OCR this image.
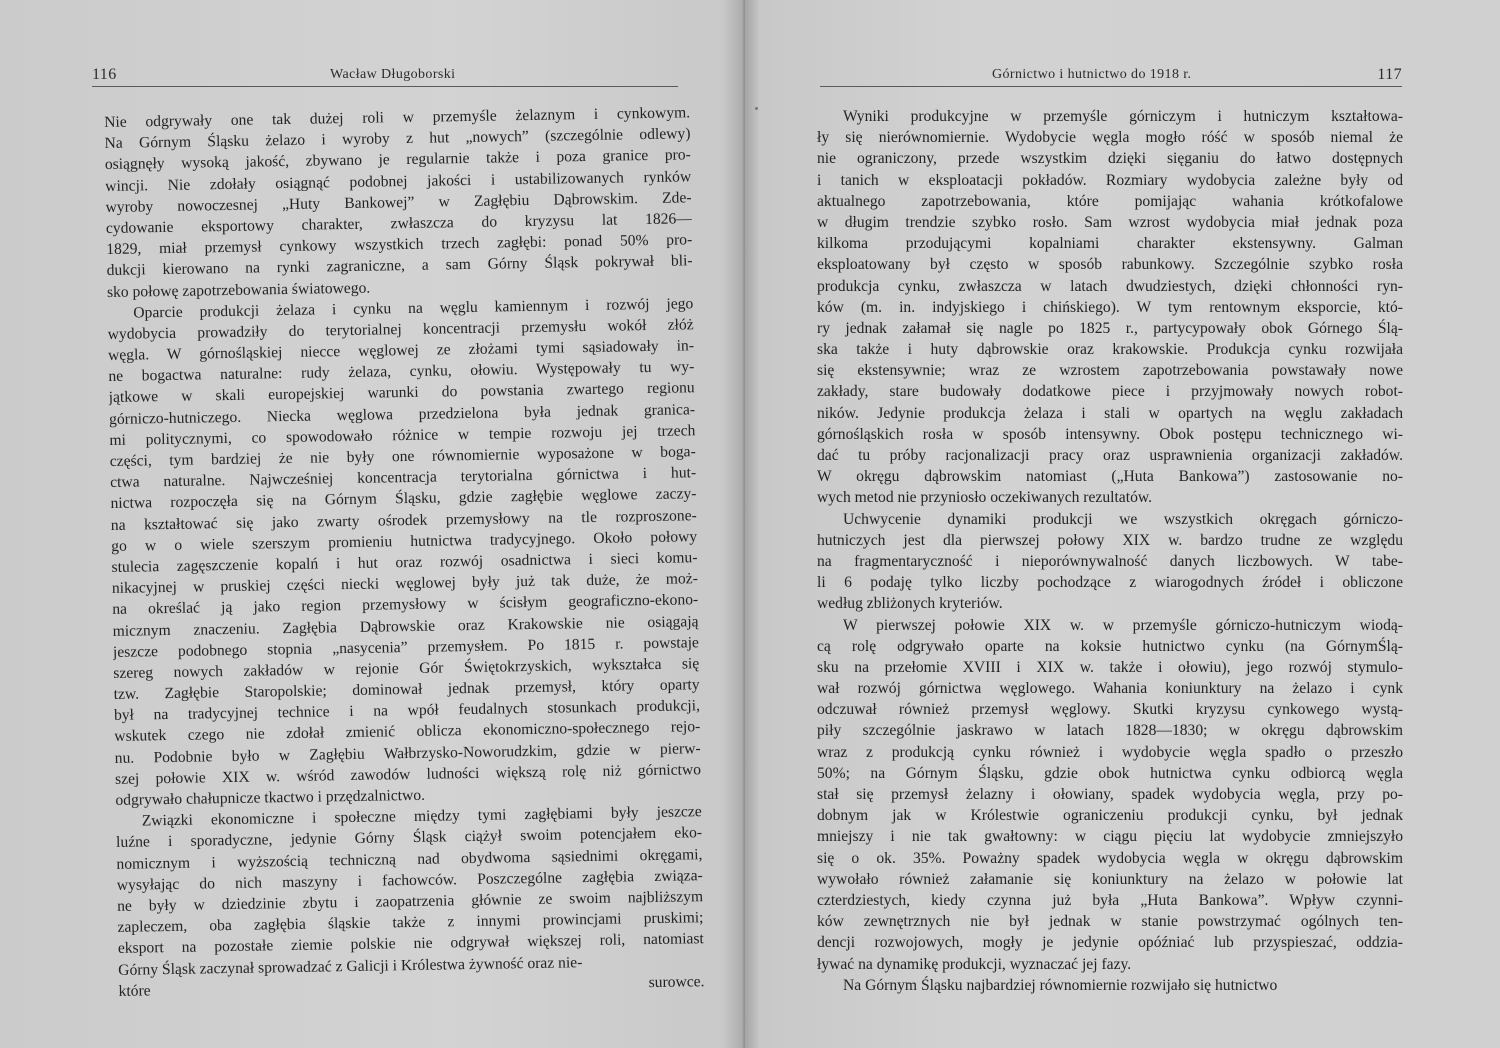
116	Wacław Długoborski
Nie odgrywały one tak dużej roli w przemyśle żelaznym i cynkowym.
Na Górnym Śląsku żelazo i wyroby z hut „nowych” (szczególnie odlewy)
osiągnęły wysoką jakość, zbywano je regularnie także i poza granice pro-
wincji. Nie zdołały osiągnąć podobnej jakości i ustabilizowanych rynków
wyroby nowoczesnej „Huty Bankowej” w Zagłębiu Dąbrowskim. Zde-
cydowanie eksportowy charakter, zwłaszcza do kryzysu lat 1826—
1829, miał przemysł cynkowy wszystkich trzech zagłębi: ponad 50% pro-
dukcji kierowano na rynki zagraniczne, a sam Górny Śląsk pokrywał bli-
sko połowę zapotrzebowania światowego.
Oparcie produkcji żelaza i cynku na węglu kamiennym i rozwój jego
wydobycia prowadziły do terytorialnej koncentracji przemysłu wokół złóż
węgla. W górnośląskiej niecce węglowej ze złożami tymi sąsiadowały in-
ne bogactwa naturalne: rudy żelaza, cynku, ołowiu. Występowały tu wy-
jątkowe w skali europejskiej warunki do powstania zwartego regionu
górniczo-hutniczego. Niecka węglowa przedzielona była jednak granica-
mi politycznymi, co spowodowało różnice w tempie rozwoju jej trzech
części, tym bardziej że nie były one równomiernie wyposażone w boga-
ctwa naturalne. Najwcześniej koncentracja terytorialna górnictwa i hut-
nictwa rozpoczęła się na Górnym Śląsku, gdzie zagłębie węglowe zaczy-
na kształtować się jako zwarty ośrodek przemysłowy na tle rozproszone-
go w o wiele szerszym promieniu hutnictwa tradycyjnego. Około połowy
stulecia zagęszczenie kopalń i hut oraz rozwój osadnictwa i sieci komu-
nikacyjnej w pruskiej części niecki węglowej były już tak duże, że moż-
na określać ją jako region przemysłowy w ścisłym geograficzno-ekono-
micznym znaczeniu. Zagłębia Dąbrowskie oraz Krakowskie nie osiągają
jeszcze podobnego stopnia „nasycenia” przemysłem. Po 1815 r. powstaje
szereg nowych zakładów w rejonie Gór Świętokrzyskich, wykształca się
tzw. Zagłębie Staropolskie; dominował jednak przemysł, który oparty
był na tradycyjnej technice i na wpół feudalnych stosunkach produkcji,
wskutek czego nie zdołał zmienić oblicza ekonomiczno-społecznego rejo-
nu. Podobnie było w Zagłębiu Wałbrzysko-Noworudzkim, gdzie w pierw-
szej połowie XIX w. wśród zawodów ludności większą rolę niż górnictwo
odgrywało chałupnicze tkactwo i przędzalnictwo.
Związki ekonomiczne i społeczne między tymi zagłębiami były jeszcze
luźne i sporadyczne, jedynie Górny Śląsk ciążył swoim potencjałem eko-
nomicznym i wyższością techniczną nad obydwoma sąsiednimi okręgami,
wysyłając do nich maszyny i fachowców. Poszczególne zagłębia związa-
ne były w dziedzinie zbytu i zaopatrzenia głównie ze swoim najbliższym
zapleczem, oba zagłębia śląskie także z innymi prowincjami pruskimi;
eksport na pozostałe ziemie polskie nie odgrywał większej roli, natomiast
Górny Śląsk zaczynał sprowadzać z Galicji i Królestwa żywność oraz nie-
które surowce.
Górnictwo i hutnictwo do 1918 r.	117
Wyniki produkcyjne w przemyśle górniczym i hutniczym kształtowa-
ły się nierównomiernie. Wydobycie węgla mogło róść w sposób niemal że
nie ograniczony, przede wszystkim dzięki sięganiu do łatwo dostępnych
i tanich w eksploatacji pokładów. Rozmiary wydobycia zależne były od
aktualnego zapotrzebowania, które pomijając wahania krótkofalowe
w długim trendzie szybko rosło. Sam wzrost wydobycia miał jednak poza
kilkoma przodującymi kopalniami charakter ekstensywny. Galman
eksploatowany był często w sposób rabunkowy. Szczególnie szybko rosła
produkcja cynku, zwłaszcza w latach dwudziestych, dzięki chłonności ryn-
ków (m. in. indyjskiego i chińskiego). W tym rentownym eksporcie, któ-
ry jednak załamał się nagle po 1825 r., partycypowały obok Górnego Ślą-
ska także i huty dąbrowskie oraz krakowskie. Produkcja cynku rozwijała
się ekstensywnie; wraz ze wzrostem zapotrzebowania powstawały nowe
zakłady, stare budowały dodatkowe piece i przyjmowały nowych robot-
ników. Jedynie produkcja żelaza i stali w opartych na węglu zakładach
górnośląskich rosła w sposób intensywny. Obok postępu technicznego wi-
dać tu próby racjonalizacji pracy oraz usprawnienia organizacji zakładów.
W okręgu dąbrowskim natomiast („Huta Bankowa”) zastosowanie no-
wych metod nie przyniosło oczekiwanych rezultatów.
Uchwycenie dynamiki produkcji we wszystkich okręgach górniczo-
hutniczych jest dla pierwszej połowy XIX w. bardzo trudne ze względu
na fragmentaryczność i nieporównywalność danych liczbowych. W tabe-
li 6 podaję tylko liczby pochodzące z wiarogodnych źródeł i obliczone
według zbliżonych kryteriów.
W pierwszej połowie XIX w. w przemyśle górniczo-hutniczym wiodą-
cą rolę odgrywało oparte na koksie hutnictwo cynku (na GórnymŚlą-
sku na przełomie XVIII i XIX w. także i ołowiu), jego rozwój stymulo-
wał rozwój górnictwa węglowego. Wahania koniunktury na żelazo i cynk
odczuwał również przemysł węglowy. Skutki kryzysu cynkowego wystą-
piły szczególnie jaskrawo w latach 1828—1830; w okręgu dąbrowskim
wraz z produkcją cynku również i wydobycie węgla spadło o przeszło
50%; na Górnym Śląsku, gdzie obok hutnictwa cynku odbiorcą węgla
stał się przemysł żelazny i ołowiany, spadek wydobycia węgla, przy po-
dobnym jak w Królestwie ograniczeniu produkcji cynku, był jednak
mniejszy i nie tak gwałtowny: w ciągu pięciu lat wydobycie zmniejszyło
się o ok. 35%. Poważny spadek wydobycia węgla w okręgu dąbrowskim
wywołało również załamanie się koniunktury na żelazo w połowie lat
czterdziestych, kiedy czynna już była „Huta Bankowa”. Wpływ czynni-
ków zewnętrznych nie był jednak w stanie powstrzymać ogólnych ten-
dencji rozwojowych, mogły je jedynie opóźniać lub przyspieszać, oddzia-
ływać na dynamikę produkcji, wyznaczać jej fazy.
Na Górnym Śląsku najbardziej równomiernie rozwijało się hutnictwo
